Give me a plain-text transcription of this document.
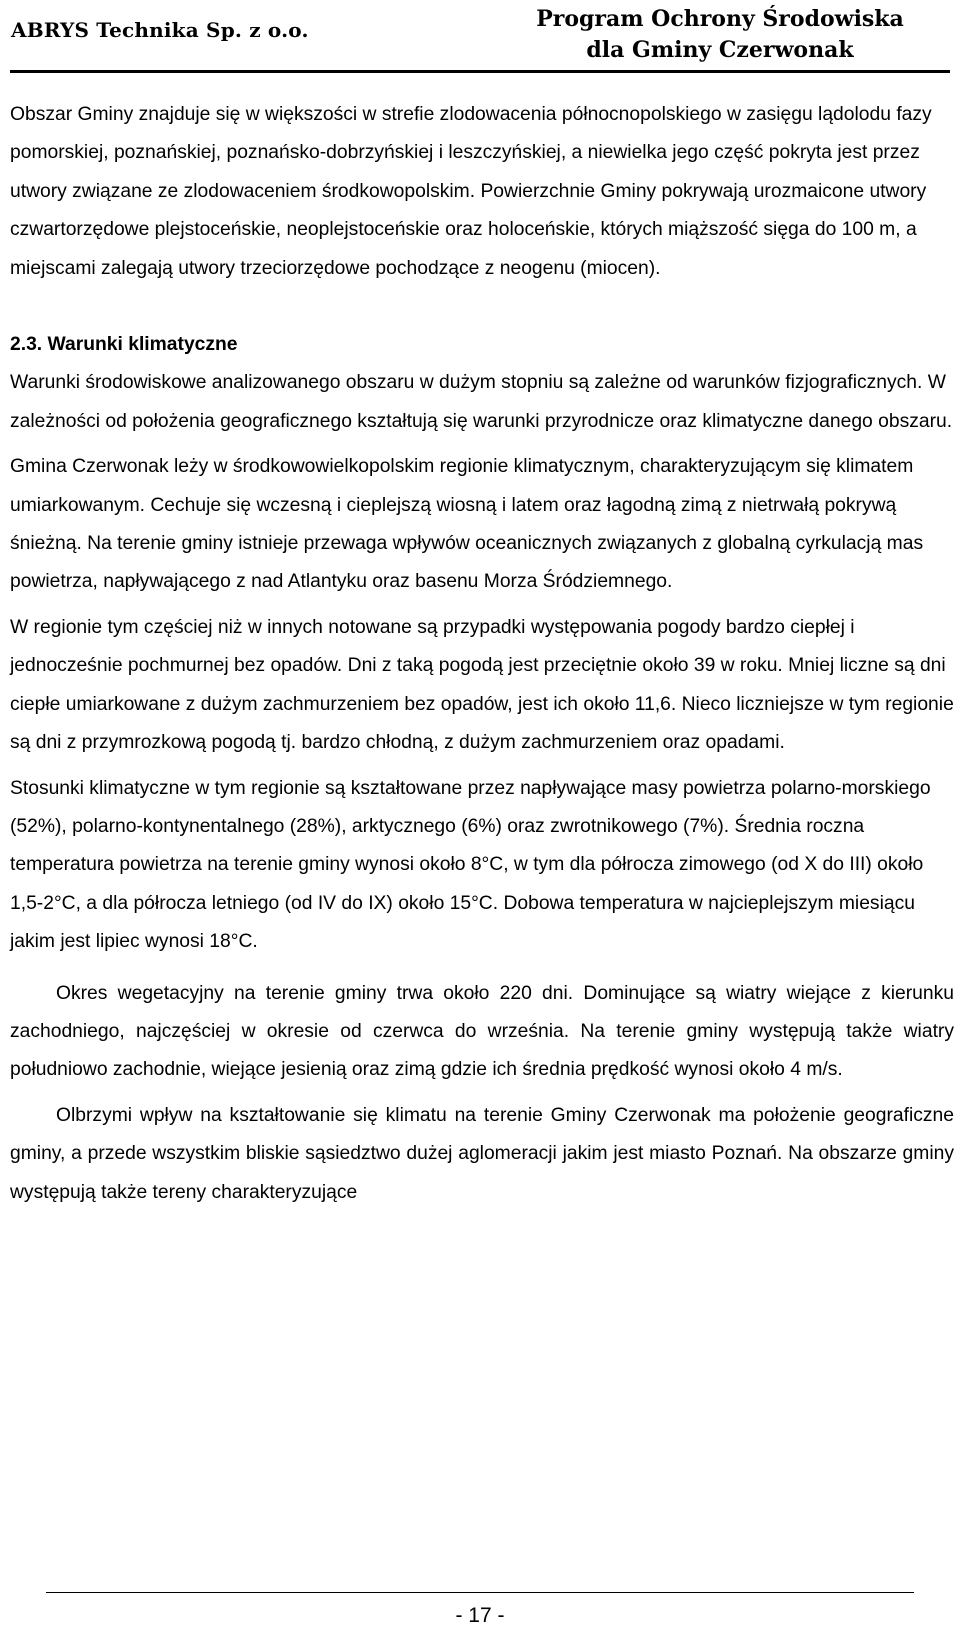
ABRYS Technika Sp. z o.o.	Program Ochrony Środowiska
dla Gminy Czerwonak

Obszar Gminy znajduje się w większości w strefie zlodowacenia północnopolskiego w zasięgu lądolodu fazy pomorskiej, poznańskiej, poznańsko-dobrzyńskiej i leszczyńskiej, a niewielka jego część pokryta jest przez utwory związane ze zlodowaceniem środkowopolskim. Powierzchnie Gminy pokrywają urozmaicone utwory czwartorzędowe plejstoceńskie, neoplejstoceńskie oraz holoceńskie, których miąższość sięga do 100 m, a miejscami zalegają utwory trzeciorzędowe pochodzące z neogenu (miocen).

2.3. Warunki klimatyczne

Warunki środowiskowe analizowanego obszaru w dużym stopniu są zależne od warunków fizjograficznych. W zależności od położenia geograficznego kształtują się warunki przyrodnicze oraz klimatyczne danego obszaru.

Gmina Czerwonak leży w środkowowielkopolskim regionie klimatycznym, charakteryzującym się klimatem umiarkowanym. Cechuje się wczesną i cieplejszą wiosną i latem oraz łagodną zimą z nietrwałą pokrywą śnieżną. Na terenie gminy istnieje przewaga wpływów oceanicznych związanych z globalną cyrkulacją mas powietrza, napływającego z nad Atlantyku oraz basenu Morza Śródziemnego.

W regionie tym częściej niż w innych notowane są przypadki występowania pogody bardzo ciepłej i jednocześnie pochmurnej bez opadów. Dni z taką pogodą jest przeciętnie około 39 w roku. Mniej liczne są dni ciepłe umiarkowane z dużym zachmurzeniem bez opadów, jest ich około 11,6. Nieco liczniejsze w tym regionie są dni z przymrozkową pogodą tj. bardzo chłodną, z dużym zachmurzeniem oraz opadami.

Stosunki klimatyczne w tym regionie są kształtowane przez napływające masy powietrza polarno-morskiego (52%), polarno-kontynentalnego (28%), arktycznego (6%) oraz zwrotnikowego (7%). Średnia roczna temperatura powietrza na terenie gminy wynosi około 8°C, w tym dla półrocza zimowego (od X do III) około 1,5-2°C, a dla półrocza letniego (od IV do IX) około 15°C. Dobowa temperatura w najcieplejszym miesiącu jakim jest lipiec wynosi 18°C.

Okres wegetacyjny na terenie gminy trwa około 220 dni. Dominujące są wiatry wiejące z kierunku zachodniego, najczęściej w okresie od czerwca do września. Na terenie gminy występują także wiatry południowo zachodnie, wiejące jesienią oraz zimą gdzie ich średnia prędkość wynosi około 4 m/s.

Olbrzymi wpływ na kształtowanie się klimatu na terenie Gminy Czerwonak ma położenie geograficzne gminy, a przede wszystkim bliskie sąsiedztwo dużej aglomeracji jakim jest miasto Poznań. Na obszarze gminy występują także tereny charakteryzujące

- 17 -
